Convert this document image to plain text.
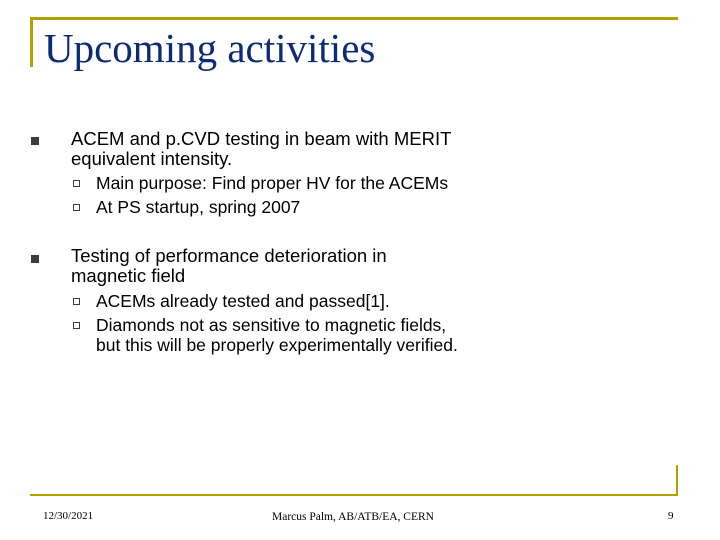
Upcoming activities
ACEM and p.CVD testing in beam with MERIT
equivalent intensity.
Main purpose: Find proper HV for the ACEMs
At PS startup, spring 2007
Testing of performance deterioration in
magnetic field
ACEMs already tested and passed[1].
Diamonds not as sensitive to magnetic fields,
but this will be properly experimentally verified.
12/30/2021	Marcus Palm, AB/ATB/EA, CERN	9
